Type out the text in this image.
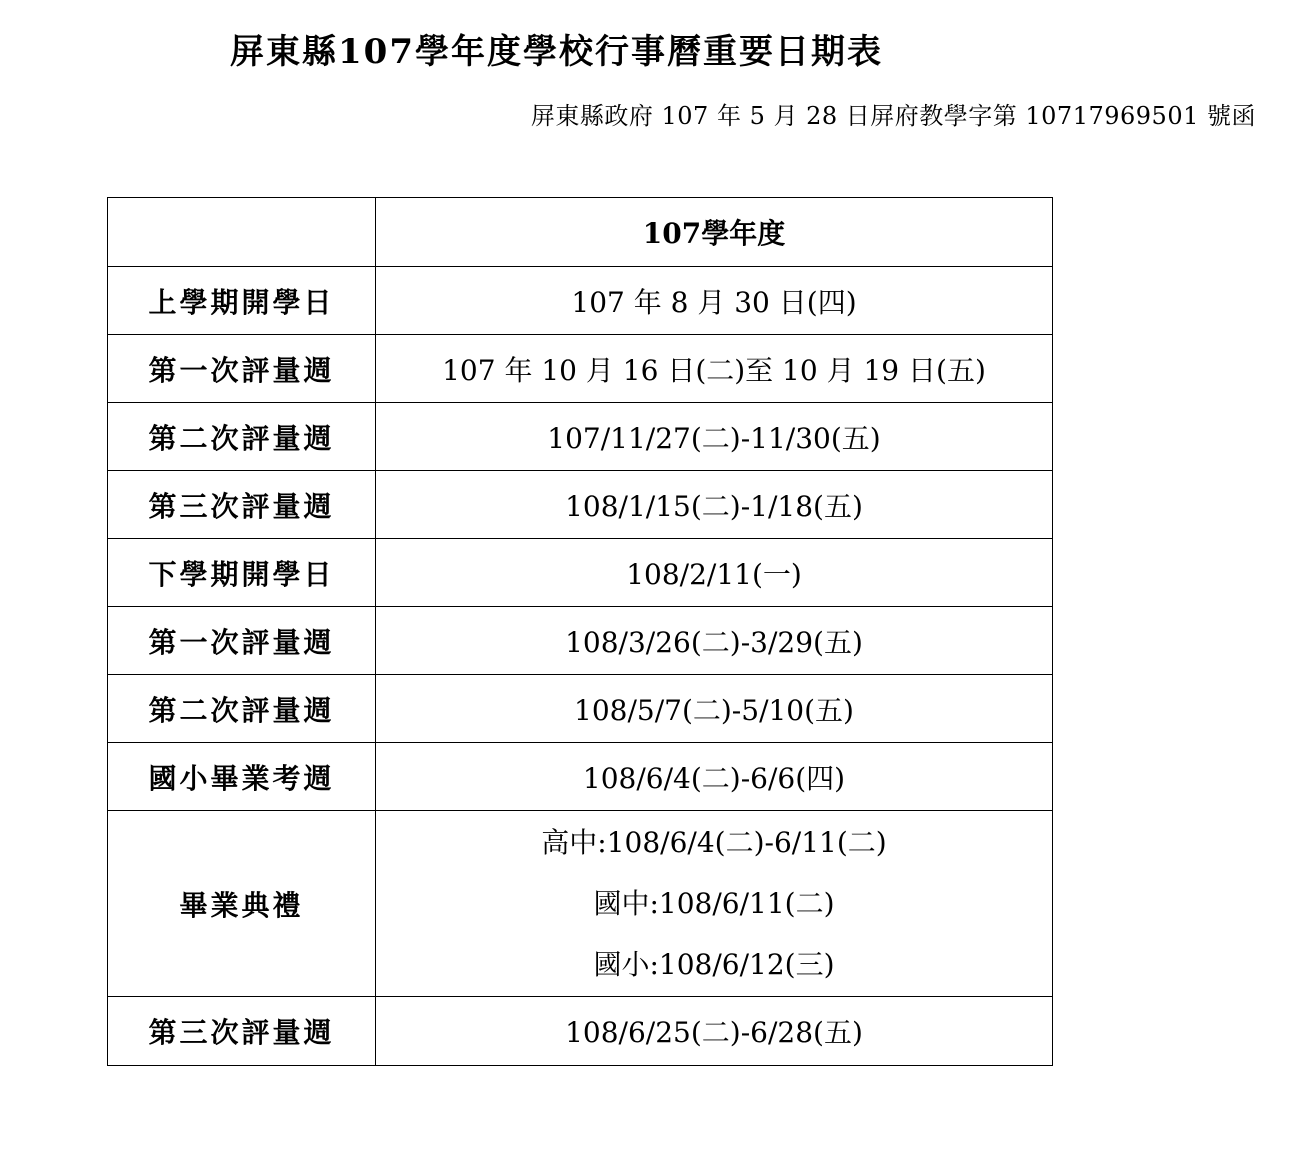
屏東縣107學年度學校行事曆重要日期表
屏東縣政府 107 年 5 月 28 日屏府教學字第 10717969501 號函
	107學年度
上學期開學日	107 年 8 月 30 日(四)
第一次評量週	107 年 10 月 16 日(二)至 10 月 19 日(五)
第二次評量週	107/11/27(二)-11/30(五)
第三次評量週	108/1/15(二)-1/18(五)
下學期開學日	108/2/11(一)
第一次評量週	108/3/26(二)-3/29(五)
第二次評量週	108/5/7(二)-5/10(五)
國小畢業考週	108/6/4(二)-6/6(四)
畢業典禮	高中:108/6/4(二)-6/11(二)
國中:108/6/11(二)
國小:108/6/12(三)

第三次評量週	108/6/25(二)-6/28(五)
